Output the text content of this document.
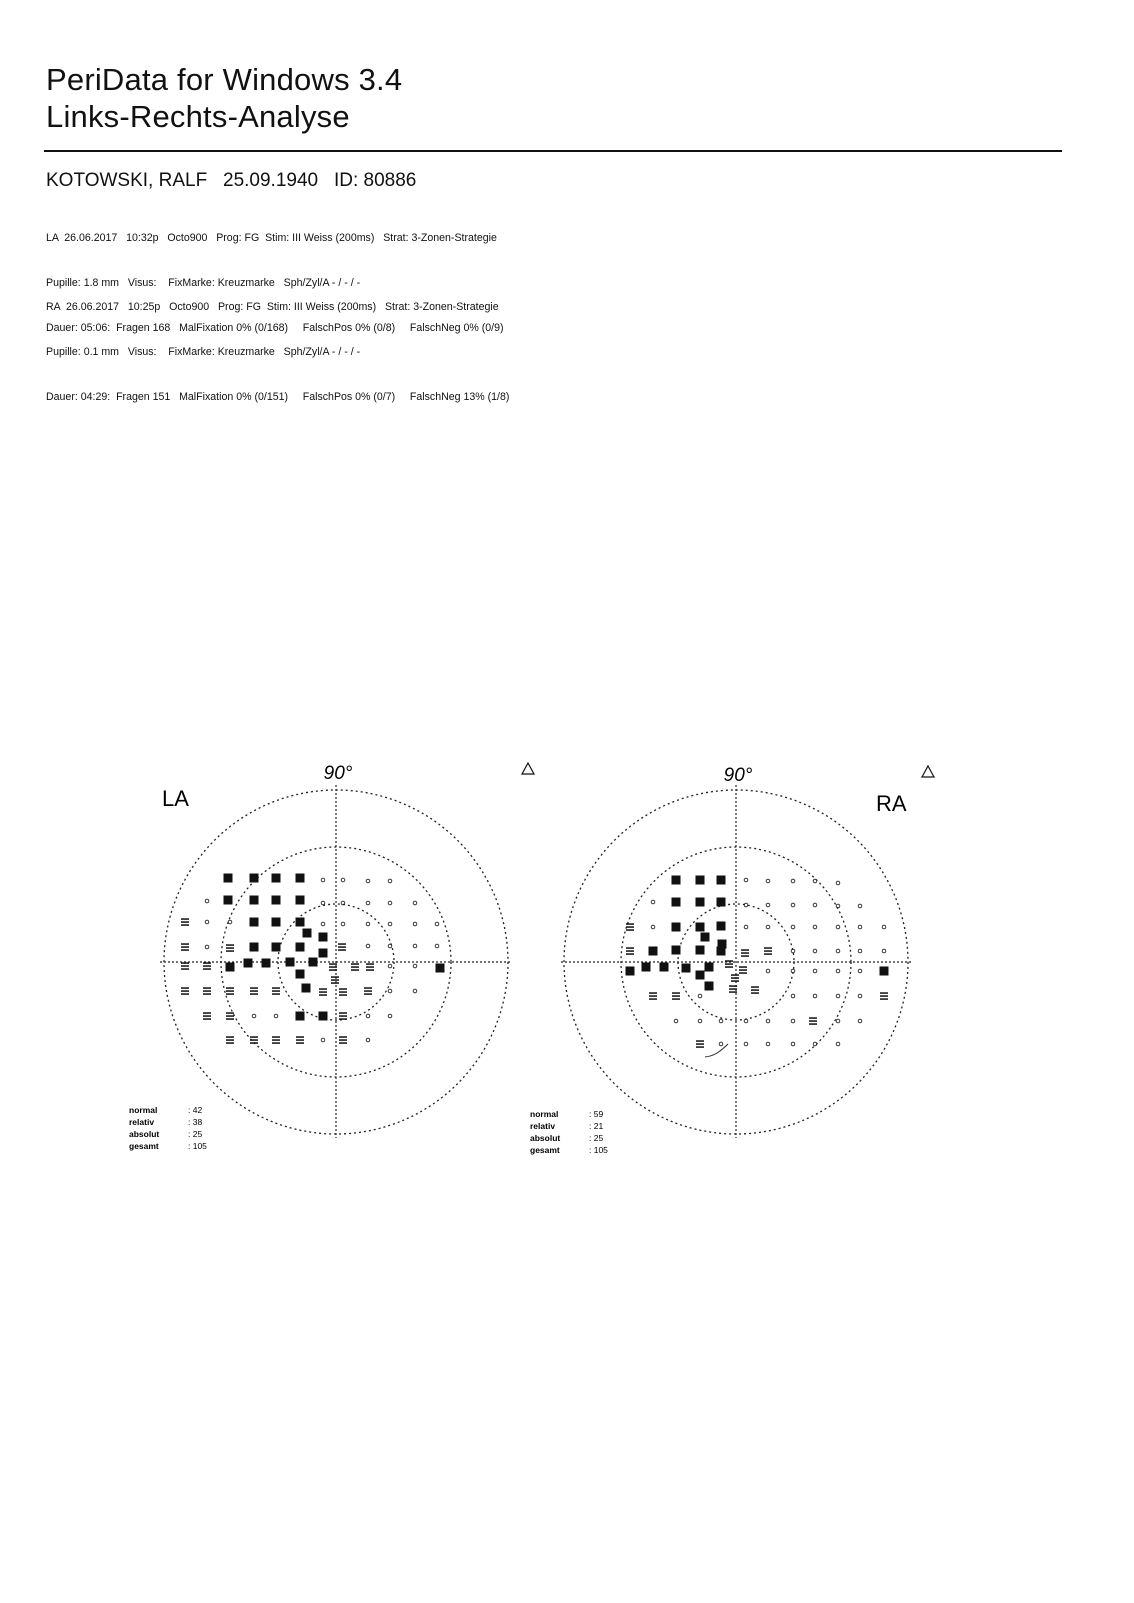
PeriData for Windows 3.4
Links-Rechts-Analyse
KOTOWSKI, RALF   25.09.1940   ID: 80886

LA  26.06.2017   10:32p   Octo900   Prog: FG  Stim: III Weiss (200ms)   Strat: 3-Zonen-Strategie

Pupille: 1.8 mm   Visus:    FixMarke: Kreuzmarke   Sph/Zyl/A - / - / -

Dauer: 05:06:  Fragen 168   MalFixation 0% (0/168)     FalschPos 0% (0/8)     FalschNeg 0% (0/9)

RA  26.06.2017   10:25p   Octo900   Prog: FG  Stim: III Weiss (200ms)   Strat: 3-Zonen-Strategie

Pupille: 0.1 mm   Visus:    FixMarke: Kreuzmarke   Sph/Zyl/A - / - / -

Dauer: 04:29:  Fragen 151   MalFixation 0% (0/151)     FalschPos 0% (0/7)     FalschNeg 13% (1/8)

90°
LA
90°
RA
normal
relativ
absolut
gesamt
: 42
: 38
: 25
: 105
normal
relativ
absolut
gesamt
: 59
: 21
: 25
: 105
